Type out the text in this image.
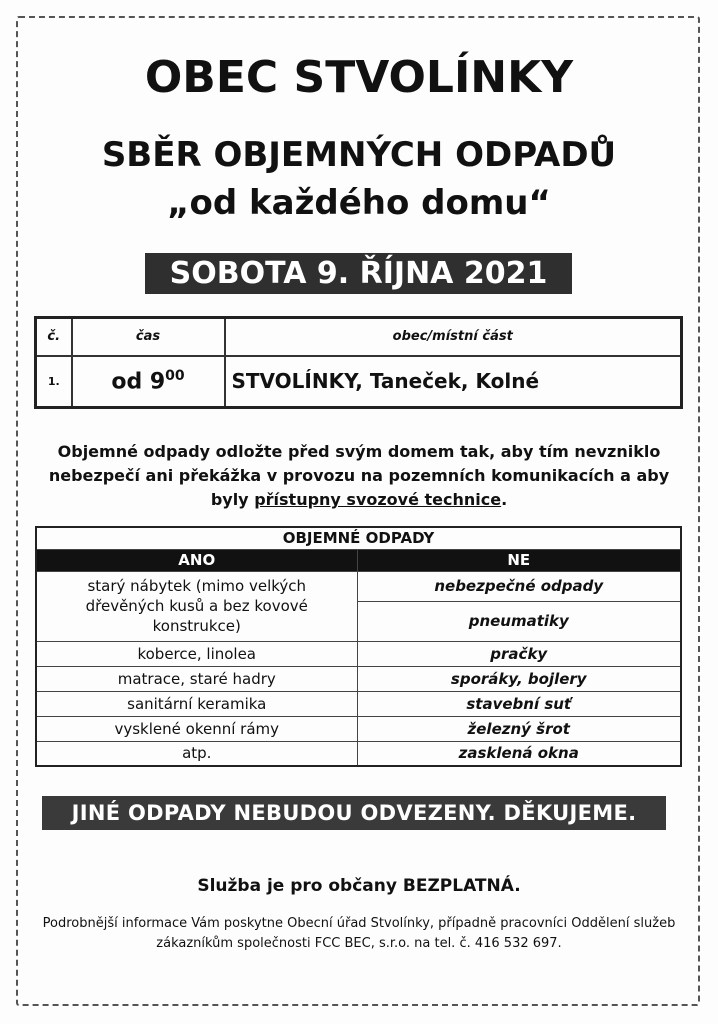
OBEC STVOLÍNKY
SBĚR OBJEMNÝCH ODPADŮ
„od každého domu“
SOBOTA 9. ŘÍJNA 2021
č.	čas	obec/místní část
1.	od $9^{00}$	STVOLÍNKY, Taneček, Kolné
Objemné odpady odložte před svým domem tak, aby tím nevzniklo nebezpečí ani překážka v provozu na pozemních komunikacích a aby byly přístupny svozové technice.
OBJEMNÉ ODPADY	
ANO	NE
starý nábytek (mimo velkých dřevěných kusů a bez kovové konstrukce)	nebezpečné odpady
	pneumatiky
koberce, linolea	pračky
matrace, staré hadry	sporáky, bojlery
sanitární keramika	stavební suť
vysklené okenní rámy	železný šrot
atp.	zasklená okna
JINÉ ODPADY NEBUDOU ODVEZENY. DĚKUJEME.
Služba je pro občany BEZPLATNÁ.
Podrobnější informace Vám poskytne Obecní úřad Stvolínky, případně pracovníci Oddělení služeb zákazníkům společnosti FCC BEC, s.r.o. na tel. č. 416 532 697.
